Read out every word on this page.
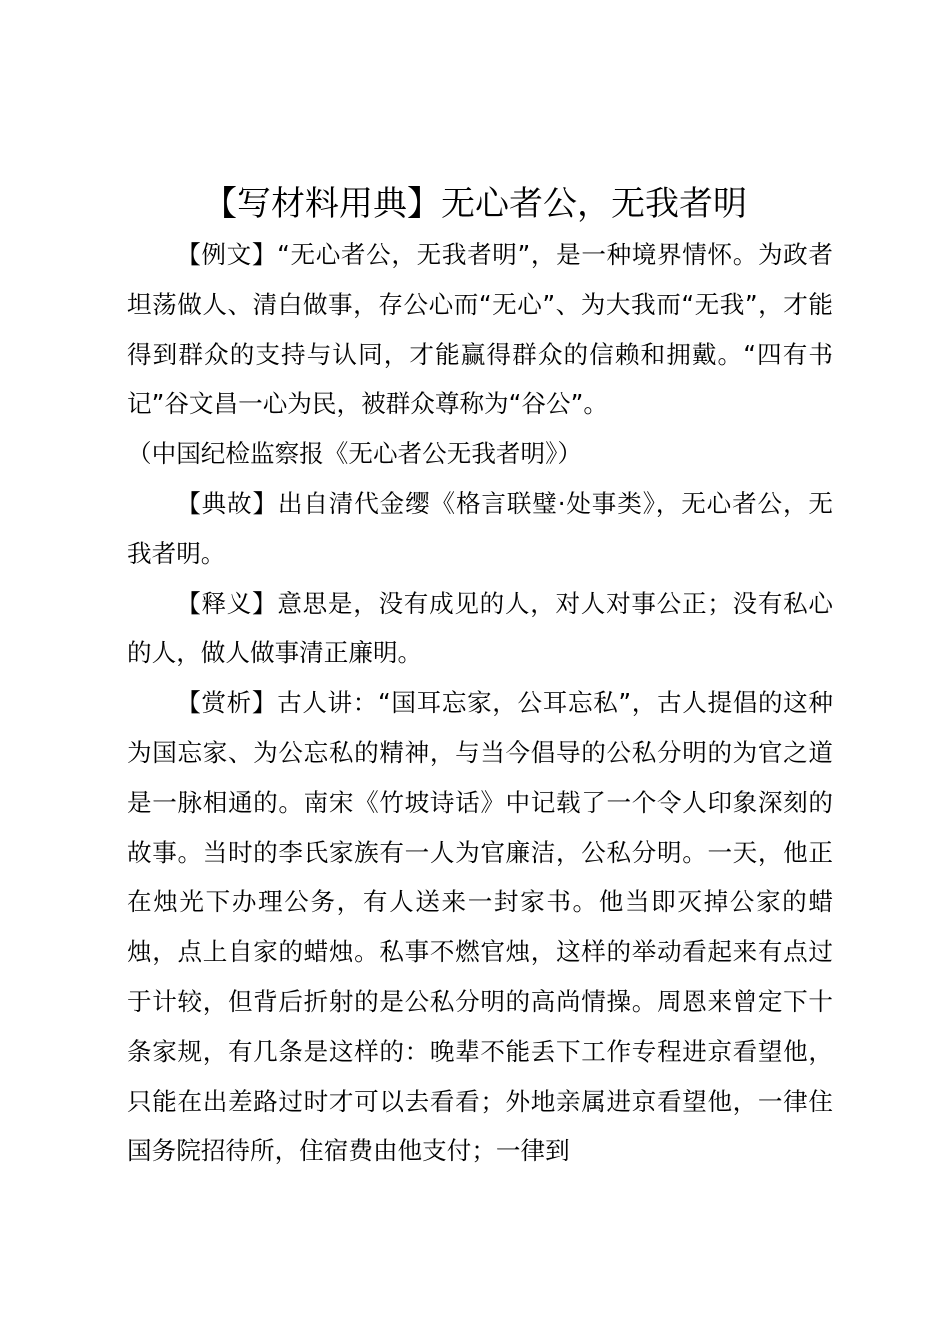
【写材料用典】无心者公，无我者明

【例文】“无心者公，无我者明”，是一种境界情怀。为政者坦荡做人、清白做事，存公心而“无心”、为大我而“无我”，才能得到群众的支持与认同，才能赢得群众的信赖和拥戴。“四有书记”谷文昌一心为民，被群众尊称为“谷公”。

（中国纪检监察报《无心者公无我者明》）

【典故】出自清代金缨《格言联璧·处事类》，无心者公，无我者明。

【释义】意思是，没有成见的人，对人对事公正；没有私心的人，做人做事清正廉明。

【赏析】古人讲：“国耳忘家，公耳忘私”，古人提倡的这种为国忘家、为公忘私的精神，与当今倡导的公私分明的为官之道是一脉相通的。南宋《竹坡诗话》中记载了一个令人印象深刻的故事。当时的李氏家族有一人为官廉洁，公私分明。一天，他正在烛光下办理公务，有人送来一封家书。他当即灭掉公家的蜡烛，点上自家的蜡烛。私事不燃官烛，这样的举动看起来有点过于计较，但背后折射的是公私分明的高尚情操。周恩来曾定下十条家规，有几条是这样的：晚辈不能丢下工作专程进京看望他，只能在出差路过时才可以去看看；外地亲属进京看望他，一律住国务院招待所，住宿费由他支付；一律到
